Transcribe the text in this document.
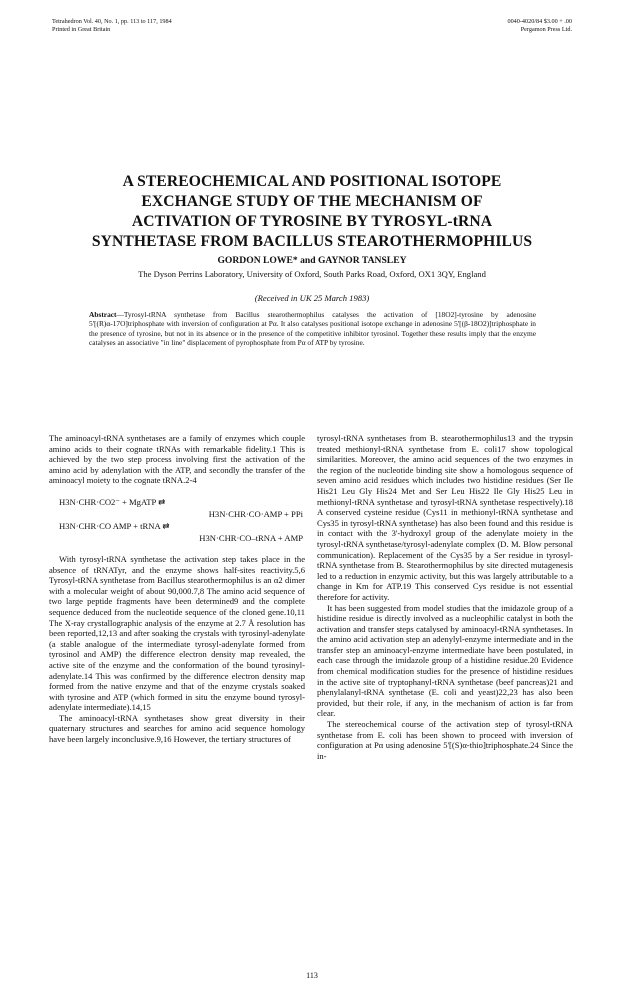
Tetrahedron Vol. 40, No. 1, pp. 113 to 117, 1984
Printed in Great Britain
0040-4020/84 $3.00 + .00
Pergamon Press Ltd.
A STEREOCHEMICAL AND POSITIONAL ISOTOPE
EXCHANGE STUDY OF THE MECHANISM OF
ACTIVATION OF TYROSINE BY TYROSYL-tRNA
SYNTHETASE FROM BACILLUS STEAROTHERMOPHILUS
GORDON LOWE* and GAYNOR TANSLEY
The Dyson Perrins Laboratory, University of Oxford, South Parks Road, Oxford, OX1 3QY, England
(Received in UK 25 March 1983)
Abstract—Tyrosyl-tRNA synthetase from Bacillus stearothermophilus catalyses the activation of [18O2]-tyrosine by adenosine 5'[(R)α-17O]triphosphate with inversion of configuration at Pα. It also catalyses positional isotope exchange in adenosine 5'[(β-18O2)]triphosphate in the presence of tyrosine, but not in its absence or in the presence of the competitive inhibitor tyrosinol. Together these results imply that the enzyme catalyses an associative "in line" displacement of pyrophosphate from Pα of ATP by tyrosine.

The aminoacyl-tRNA synthetases are a family of enzymes which couple amino acids to their cognate tRNAs with remarkable fidelity.1 This is achieved by the two step process involving first the activation of the amino acid by adenylation with the ATP, and secondly the transfer of the aminoacyl moiety to the cognate tRNA.2-4

H3N·CHR·CO2⁻ + MgATP ⇄
H3N·CHR·CO·AMP + PPi
H3N·CHR·CO AMP + tRNA ⇄
H3N·CHR·CO–tRNA + AMP

With tyrosyl-tRNA synthetase the activation step takes place in the absence of tRNATyr, and the enzyme shows half-sites reactivity.5,6 Tyrosyl-tRNA synthetase from Bacillus stearothermophilus is an α2 dimer with a molecular weight of about 90,000.7,8 The amino acid sequence of two large peptide fragments have been determined9 and the complete sequence deduced from the nucleotide sequence of the cloned gene.10,11 The X-ray crystallographic analysis of the enzyme at 2.7 Å resolution has been reported,12,13 and after soaking the crystals with tyrosinyl-adenylate (a stable analogue of the intermediate tyrosyl-adenylate formed from tyrosinol and AMP) the difference electron density map revealed, the active site of the enzyme and the conformation of the bound tyrosinyl-adenylate.14 This was confirmed by the difference electron density map formed from the native enzyme and that of the enzyme crystals soaked with tyrosine and ATP (which formed in situ the enzyme bound tyrosyl-adenylate intermediate).14,15

The aminoacyl-tRNA synthetases show great diversity in their quaternary structures and searches for amino acid sequence homology have been largely inconclusive.9,16 However, the tertiary structures of

tyrosyl-tRNA synthetases from B. stearothermophilus13 and the trypsin treated methionyl-tRNA synthetase from E. coli17 show topological similarities. Moreover, the amino acid sequences of the two enzymes in the region of the nucleotide binding site show a homologous sequence of seven amino acid residues which includes two histidine residues (Ser Ile His21 Leu Gly His24 Met and Ser Leu His22 Ile Gly His25 Leu in methionyl-tRNA synthetase and tyrosyl-tRNA synthetase respectively).18 A conserved cysteine residue (Cys11 in methionyl-tRNA synthetase and Cys35 in tyrosyl-tRNA synthetase) has also been found and this residue is in contact with the 3'-hydroxyl group of the adenylate moiety in the tyrosyl-tRNA synthetase/tyrosyl-adenylate complex (D. M. Blow personal communication). Replacement of the Cys35 by a Ser residue in tyrosyl-tRNA synthetase from B. Stearothermophilus by site directed mutagenesis led to a reduction in enzymic activity, but this was largely attributable to a change in Km for ATP.19 This conserved Cys residue is not essential therefore for activity.

It has been suggested from model studies that the imidazole group of a histidine residue is directly involved as a nucleophilic catalyst in both the activation and transfer steps catalysed by aminoacyl-tRNA synthetases. In the amino acid activation step an adenylyl-enzyme intermediate and in the transfer step an aminoacyl-enzyme intermediate have been postulated, in each case through the imidazole group of a histidine residue.20 Evidence from chemical modification studies for the presence of histidine residues in the active site of tryptophanyl-tRNA synthetase (beef pancreas)21 and phenylalanyl-tRNA synthetase (E. coli and yeast)22,23 has also been provided, but their role, if any, in the mechanism of action is far from clear.

The stereochemical course of the activation step of tyrosyl-tRNA synthetase from E. coli has been shown to proceed with inversion of configuration at Pα using adenosine 5'[(S)α-thio]triphosphate.24 Since the in-

113
